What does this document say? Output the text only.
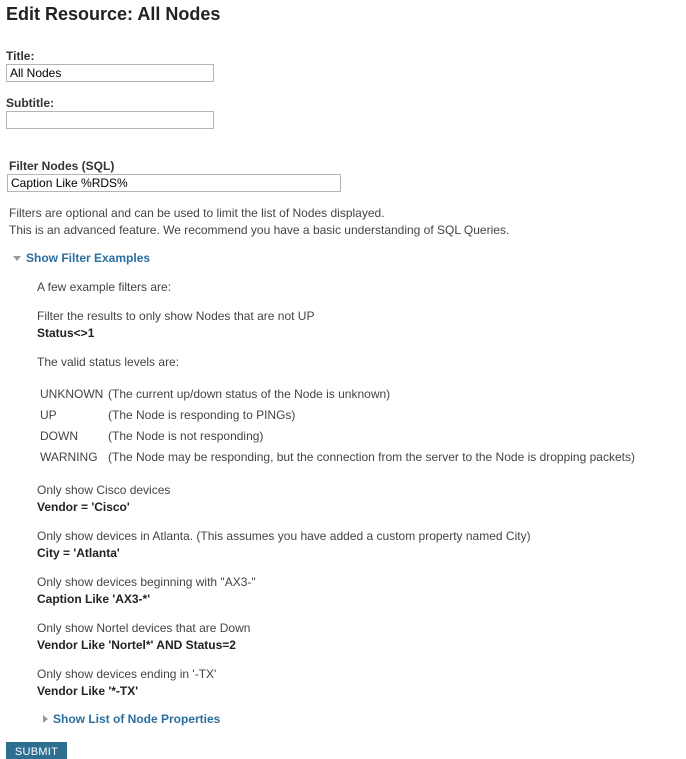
Edit Resource: All Nodes
Title:
All Nodes
Subtitle:
Filter Nodes (SQL)
Caption Like %RDS%
Filters are optional and can be used to limit the list of Nodes displayed.
This is an advanced feature. We recommend you have a basic understanding of SQL Queries.
Show Filter Examples
A few example filters are:
Filter the results to only show Nodes that are not UP
Status<>1
The valid status levels are:
UNKNOWN (The current up/down status of the Node is unknown)
UP	(The Node is responding to PINGs)
DOWN	(The Node is not responding)
WARNING (The Node may be responding, but the connection from the server to the Node is dropping packets)
Only show Cisco devices
Vendor = 'Cisco'
Only show devices in Atlanta. (This assumes you have added a custom property named City)
City = 'Atlanta'
Only show devices beginning with "AX3-"
Caption Like 'AX3-*'
Only show Nortel devices that are Down
Vendor Like 'Nortel*' AND Status=2
Only show devices ending in '-TX'
Vendor Like '*-TX'
Show List of Node Properties
SUBMIT
